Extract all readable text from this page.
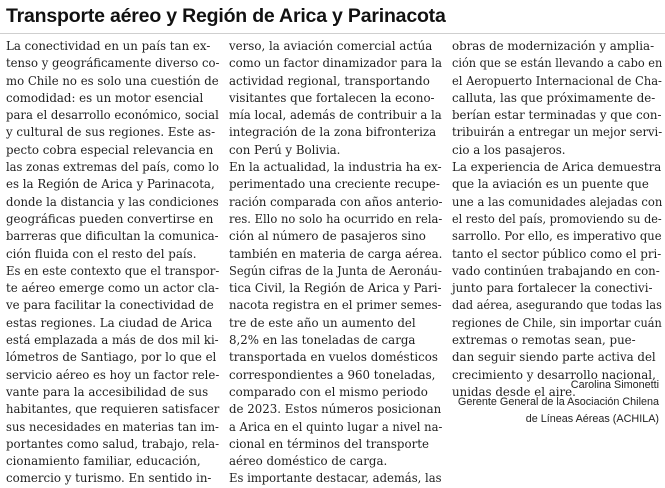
Transporte aéreo y Región de Arica y Parinacota
La conectividad en un país tan ex-
tenso y geográficamente diverso co-
mo Chile no es solo una cuestión de
comodidad: es un motor esencial
para el desarrollo económico, social
y cultural de sus regiones. Este as-
pecto cobra especial relevancia en
las zonas extremas del país, como lo
es la Región de Arica y Parinacota,
donde la distancia y las condiciones
geográficas pueden convertirse en
barreras que dificultan la comunica-
ción fluida con el resto del país.
Es en este contexto que el transpor-
te aéreo emerge como un actor cla-
ve para facilitar la conectividad de
estas regiones. La ciudad de Arica
está emplazada a más de dos mil ki-
lómetros de Santiago, por lo que el
servicio aéreo es hoy un factor rele-
vante para la accesibilidad de sus
habitantes, que requieren satisfacer
sus necesidades en materias tan im-
portantes como salud, trabajo, rela-
cionamiento familiar, educación,
comercio y turismo. En sentido in-
verso, la aviación comercial actúa
como un factor dinamizador para la
actividad regional, transportando
visitantes que fortalecen la econo-
mía local, además de contribuir a la
integración de la zona bifronteriza
con Perú y Bolivia.
En la actualidad, la industria ha ex-
perimentado una creciente recupe-
ración comparada con años anterio-
res. Ello no solo ha ocurrido en rela-
ción al número de pasajeros sino
también en materia de carga aérea.
Según cifras de la Junta de Aeronáu-
tica Civil, la Región de Arica y Pari-
nacota registra en el primer semes-
tre de este año un aumento del
8,2% en las toneladas de carga
transportada en vuelos domésticos
correspondientes a 960 toneladas,
comparado con el mismo periodo
de 2023. Estos números posicionan
a Arica en el quinto lugar a nivel na-
cional en términos del transporte
aéreo doméstico de carga.
Es importante destacar, además, las
obras de modernización y amplia-
ción que se están llevando a cabo en
el Aeropuerto Internacional de Cha-
calluta, las que próximamente de-
berían estar terminadas y que con-
tribuirán a entregar un mejor servi-
cio a los pasajeros.
La experiencia de Arica demuestra
que la aviación es un puente que
une a las comunidades alejadas con
el resto del país, promoviendo su de-
sarrollo. Por ello, es imperativo que
tanto el sector público como el pri-
vado continúen trabajando en con-
junto para fortalecer la conectivi-
dad aérea, asegurando que todas las
regiones de Chile, sin importar cuán
extremas o remotas sean, pue-
dan seguir siendo parte activa del
crecimiento y desarrollo nacional,
unidas desde el aire.
Carolina Simonetti
Gerente General de la Asociación Chilena
de Líneas Aéreas (ACHILA)
